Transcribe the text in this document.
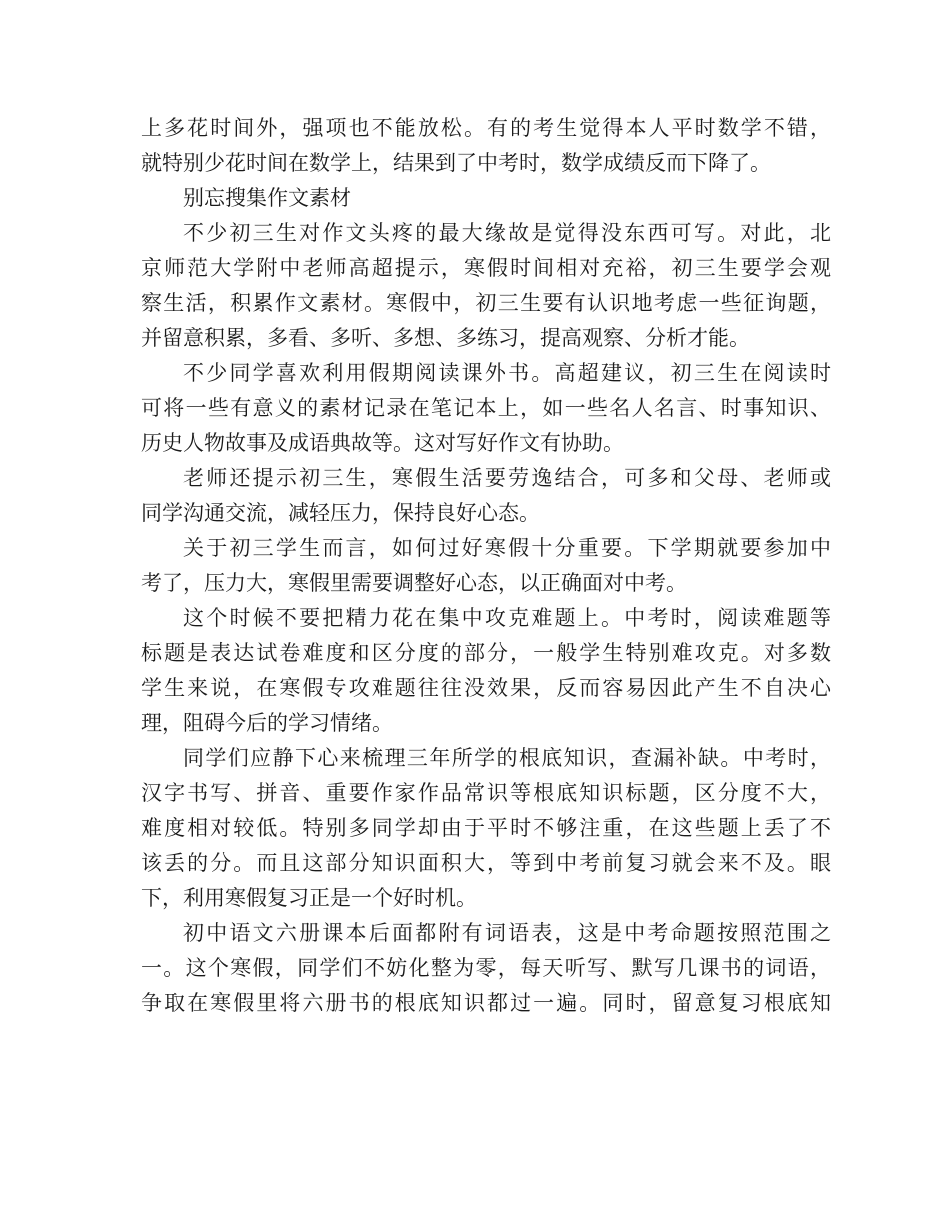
上多花时间外，强项也不能放松。有的考生觉得本人平时数学不错，
就特别少花时间在数学上，结果到了中考时，数学成绩反而下降了。
别忘搜集作文素材
不少初三生对作文头疼的最大缘故是觉得没东西可写。对此，北
京师范大学附中老师高超提示，寒假时间相对充裕，初三生要学会观
察生活，积累作文素材。寒假中，初三生要有认识地考虑一些征询题，
并留意积累，多看、多听、多想、多练习，提高观察、分析才能。
不少同学喜欢利用假期阅读课外书。高超建议，初三生在阅读时
可将一些有意义的素材记录在笔记本上，如一些名人名言、时事知识、
历史人物故事及成语典故等。这对写好作文有协助。
老师还提示初三生，寒假生活要劳逸结合，可多和父母、老师或
同学沟通交流，减轻压力，保持良好心态。
关于初三学生而言，如何过好寒假十分重要。下学期就要参加中
考了，压力大，寒假里需要调整好心态，以正确面对中考。
这个时候不要把精力花在集中攻克难题上。中考时，阅读难题等
标题是表达试卷难度和区分度的部分，一般学生特别难攻克。对多数
学生来说，在寒假专攻难题往往没效果，反而容易因此产生不自决心
理，阻碍今后的学习情绪。
同学们应静下心来梳理三年所学的根底知识，查漏补缺。中考时，
汉字书写、拼音、重要作家作品常识等根底知识标题，区分度不大，
难度相对较低。特别多同学却由于平时不够注重，在这些题上丢了不
该丢的分。而且这部分知识面积大，等到中考前复习就会来不及。眼
下，利用寒假复习正是一个好时机。
初中语文六册课本后面都附有词语表，这是中考命题按照范围之
一。这个寒假，同学们不妨化整为零，每天听写、默写几课书的词语，
争取在寒假里将六册书的根底知识都过一遍。同时，留意复习根底知
